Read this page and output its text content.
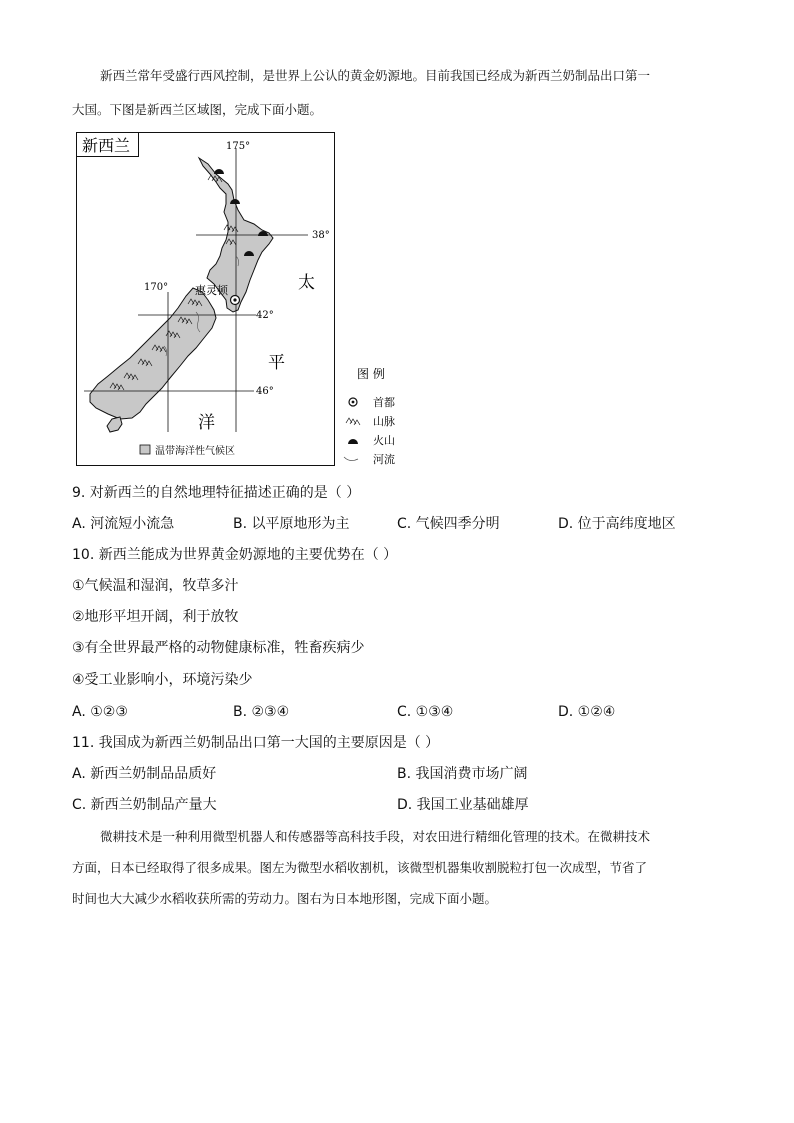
新西兰常年受盛行西风控制，是世界上公认的黄金奶源地。目前我国已经成为新西兰奶制品出口第一
大国。下图是新西兰区域图，完成下面小题。
新西兰	175°
170°
38°
42°
46°
惠灵顿	太
平
洋
温带海洋性气候区
图 例
首都
山脉
火山
河流
9. 对新西兰的自然地理特征描述正确的是（ ）
A. 河流短小流急	B. 以平原地形为主	C. 气候四季分明	D. 位于高纬度地区
10. 新西兰能成为世界黄金奶源地的主要优势在（ ）
①气候温和湿润，牧草多汁
②地形平坦开阔，利于放牧
③有全世界最严格的动物健康标准，牲畜疾病少
④受工业影响小，环境污染少
A. ①②③	B. ②③④	C. ①③④	D. ①②④
11. 我国成为新西兰奶制品出口第一大国的主要原因是（ ）
A. 新西兰奶制品品质好	B. 我国消费市场广阔
C. 新西兰奶制品产量大	D. 我国工业基础雄厚
微耕技术是一种利用微型机器人和传感器等高科技手段，对农田进行精细化管理的技术。在微耕技术
方面，日本已经取得了很多成果。图左为微型水稻收割机，该微型机器集收割脱粒打包一次成型，节省了
时间也大大减少水稻收获所需的劳动力。图右为日本地形图，完成下面小题。
